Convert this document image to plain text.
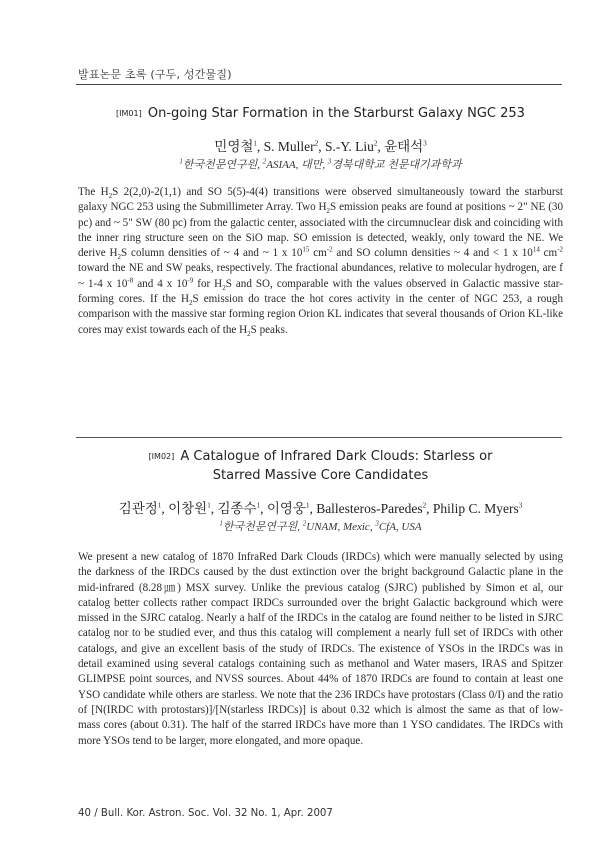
발표논문 초록 (구두, 성간물질)
[IM01] On-going Star Formation in the Starburst Galaxy NGC 253
민영철$^1$, S. Muller$^2$, S.-Y. Liu$^2$, 윤태석$^3$
$^1$한국천문연구원, $^2$ASIAA, 대만, $^3$경북대학교 천문대기과학과
The $H_2S$ 2(2,0)-2(1,1) and SO 5(5)-4(4) transitions were observed simultaneously toward the starburst galaxy NGC 253 using the Submillimeter Array. Two $H_2S$ emission peaks are found at positions ~ 2" NE (30 pc) and ~ 5" SW (80 pc) from the galactic center, associated with the circumnuclear disk and coinciding with the inner ring structure seen on the SiO map. SO emission is detected, weakly, only toward the NE. We derive $H_2S$ column densities of ~ 4 and ~ 1 x $10^{15}$ $cm^{-2}$ and SO column densities ~ 4 and < 1 x $10^{14}$ $cm^{-2}$ toward the NE and SW peaks, respectively. The fractional abundances, relative to molecular hydrogen, are f ~ 1-4 x $10^{-8}$ and 4 x $10^{-9}$ for $H_2S$ and SO, comparable with the values observed in Galactic massive star-forming cores. If the $H_2S$ emission do trace the hot cores activity in the center of NGC 253, a rough comparison with the massive star forming region Orion KL indicates that several thousands of Orion KL-like cores may exist towards each of the $H_2S$ peaks.
[IM02] A Catalogue of Infrared Dark Clouds: Starless or
Starred Massive Core Candidates
김관정$^1$, 이창원$^1$, 김종수$^1$, 이영웅$^1$, Ballesteros-Paredes$^2$, Philip C. Myers$^3$
$^1$한국천문연구원, $^2$UNAM, Mexic, $^3$CfA, USA
We present a new catalog of 1870 InfraRed Dark Clouds (IRDCs) which were manually selected by using the darkness of the IRDCs caused by the dust extinction over the bright background Galactic plane in the mid-infrared (8.28㎛) MSX survey. Unlike the previous catalog (SJRC) published by Simon et al, our catalog better collects rather compact IRDCs surrounded over the bright Galactic background which were missed in the SJRC catalog. Nearly a half of the IRDCs in the catalog are found neither to be listed in SJRC catalog nor to be studied ever, and thus this catalog will complement a nearly full set of IRDCs with other catalogs, and give an excellent basis of the study of IRDCs. The existence of YSOs in the IRDCs was in detail examined using several catalogs containing such as methanol and Water masers, IRAS and Spitzer GLIMPSE point sources, and NVSS sources. About 44% of 1870 IRDCs are found to contain at least one YSO candidate while others are starless. We note that the 236 IRDCs have protostars (Class 0/I) and the ratio of [N(IRDC with protostars)]/[N(starless IRDCs)] is about 0.32 which is almost the same as that of low-mass cores (about 0.31). The half of the starred IRDCs have more than 1 YSO candidates. The IRDCs with more YSOs tend to be larger, more elongated, and more opaque.
40 / Bull. Kor. Astron. Soc. Vol. 32 No. 1, Apr. 2007
